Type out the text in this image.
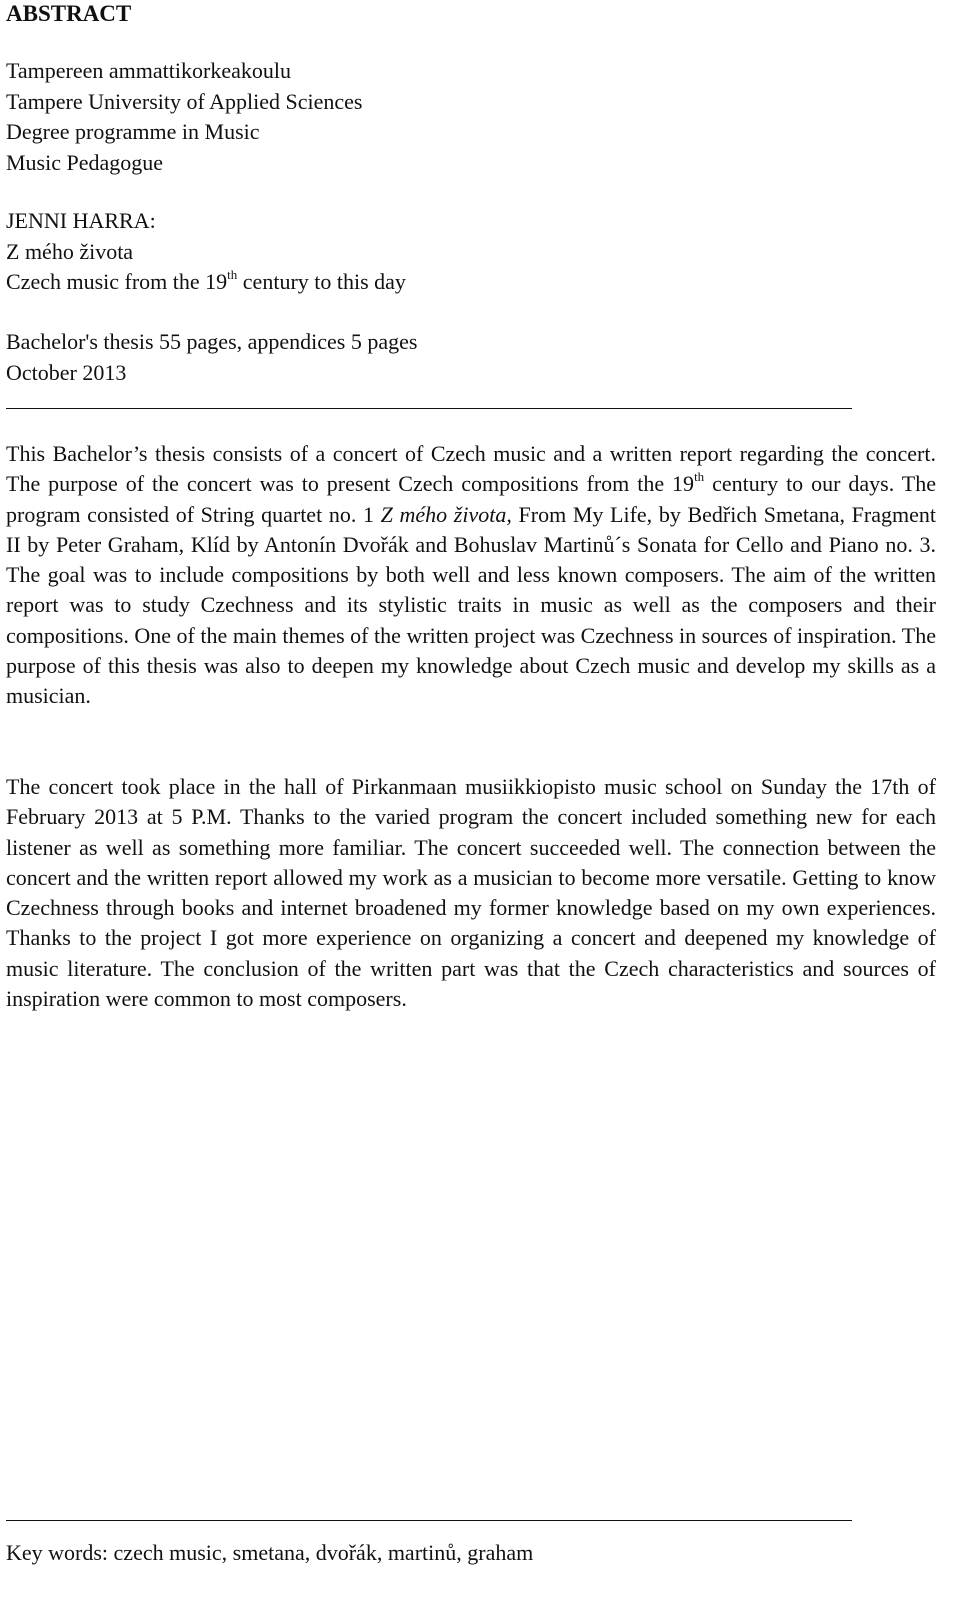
ABSTRACT
Tampereen ammattikorkeakoulu
Tampere University of Applied Sciences
Degree programme in Music
Music Pedagogue
JENNI HARRA:
Z mého života
Czech music from the 19th century to this day
Bachelor's thesis 55 pages, appendices 5 pages
October 2013
This Bachelor’s thesis consists of a concert of Czech music and a written report regarding the concert. The purpose of the concert was to present Czech compositions from the 19th century to our days. The program consisted of String quartet no. 1 Z mého života, From My Life, by Bedřich Smetana, Fragment II by Peter Graham, Klíd by Antonín Dvořák and Bohuslav Martinů´s Sonata for Cello and Piano no. 3. The goal was to include compositions by both well and less known composers. The aim of the written report was to study Czechness and its stylistic traits in music as well as the composers and their compositions. One of the main themes of the written project was Czechness in sources of inspiration. The purpose of this thesis was also to deepen my knowledge about Czech music and develop my skills as a musician.
The concert took place in the hall of Pirkanmaan musiikkiopisto music school on Sunday the 17th of February 2013 at 5 P.M. Thanks to the varied program the concert included something new for each listener as well as something more familiar. The concert succeeded well. The connection between the concert and the written report allowed my work as a musician to become more versatile. Getting to know Czechness through books and internet broadened my former knowledge based on my own experiences. Thanks to the project I got more experience on organizing a concert and deepened my knowledge of music literature. The conclusion of the written part was that the Czech characteristics and sources of inspiration were common to most composers.
Key words: czech music, smetana, dvořák, martinů, graham
